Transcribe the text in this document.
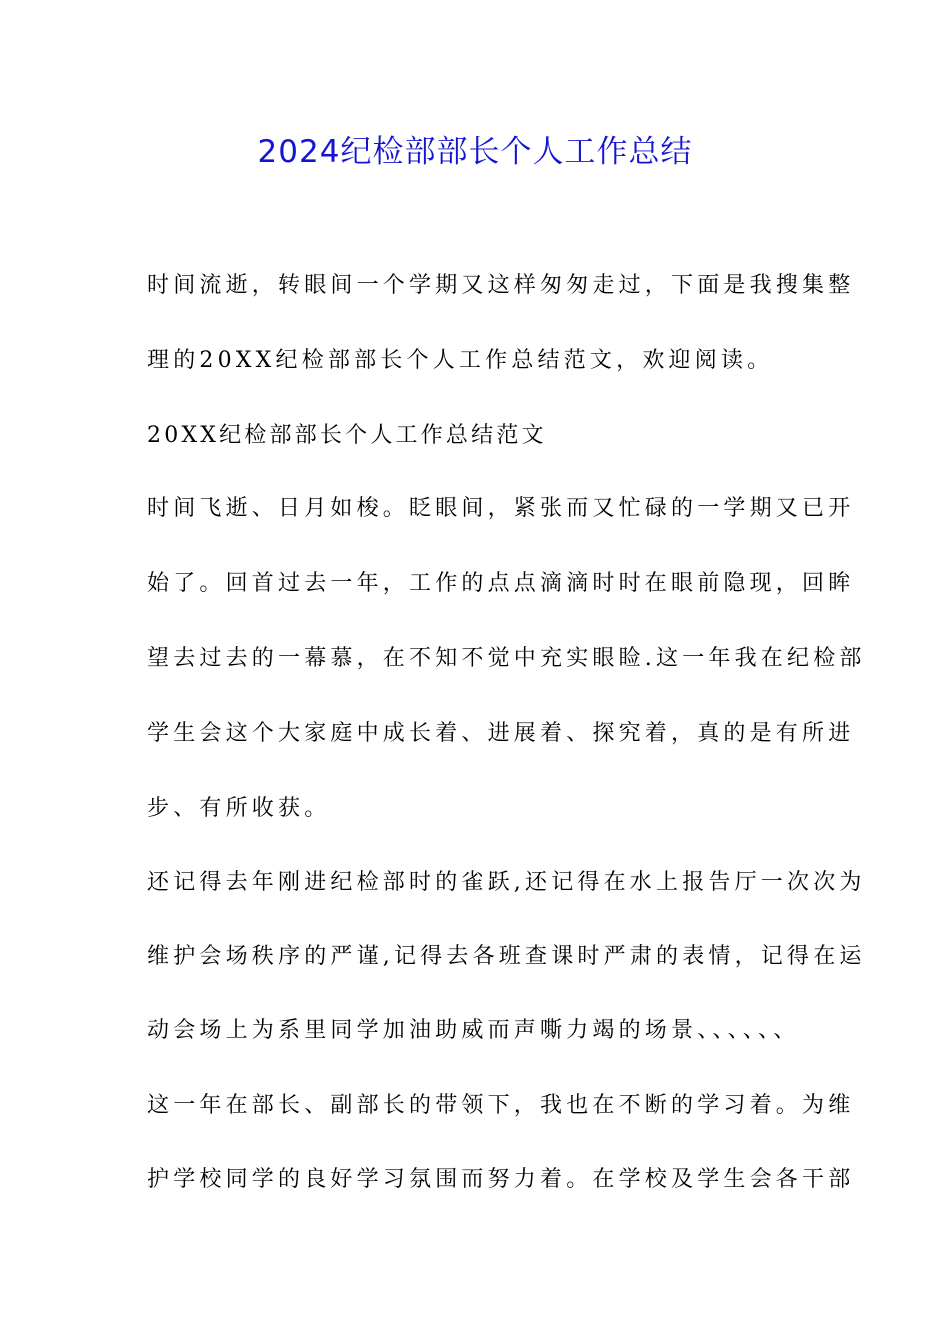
2024纪检部部长个人工作总结
时间流逝，转眼间一个学期又这样匆匆走过，下面是我搜集整
理的20XX纪检部部长个人工作总结范文，欢迎阅读。
20XX纪检部部长个人工作总结范文
时间飞逝、日月如梭。眨眼间，紧张而又忙碌的一学期又已开
始了。回首过去一年，工作的点点滴滴时时在眼前隐现，回眸
望去过去的一幕慕，在不知不觉中充实眼睑.这一年我在纪检部
学生会这个大家庭中成长着、进展着、探究着，真的是有所进
步、有所收获。
还记得去年刚进纪检部时的雀跃,还记得在水上报告厅一次次为
维护会场秩序的严谨,记得去各班查课时严肃的表情，记得在运
动会场上为系里同学加油助威而声嘶力竭的场景、、、、、、
这一年在部长、副部长的带领下，我也在不断的学习着。为维
护学校同学的良好学习氛围而努力着。在学校及学生会各干部
